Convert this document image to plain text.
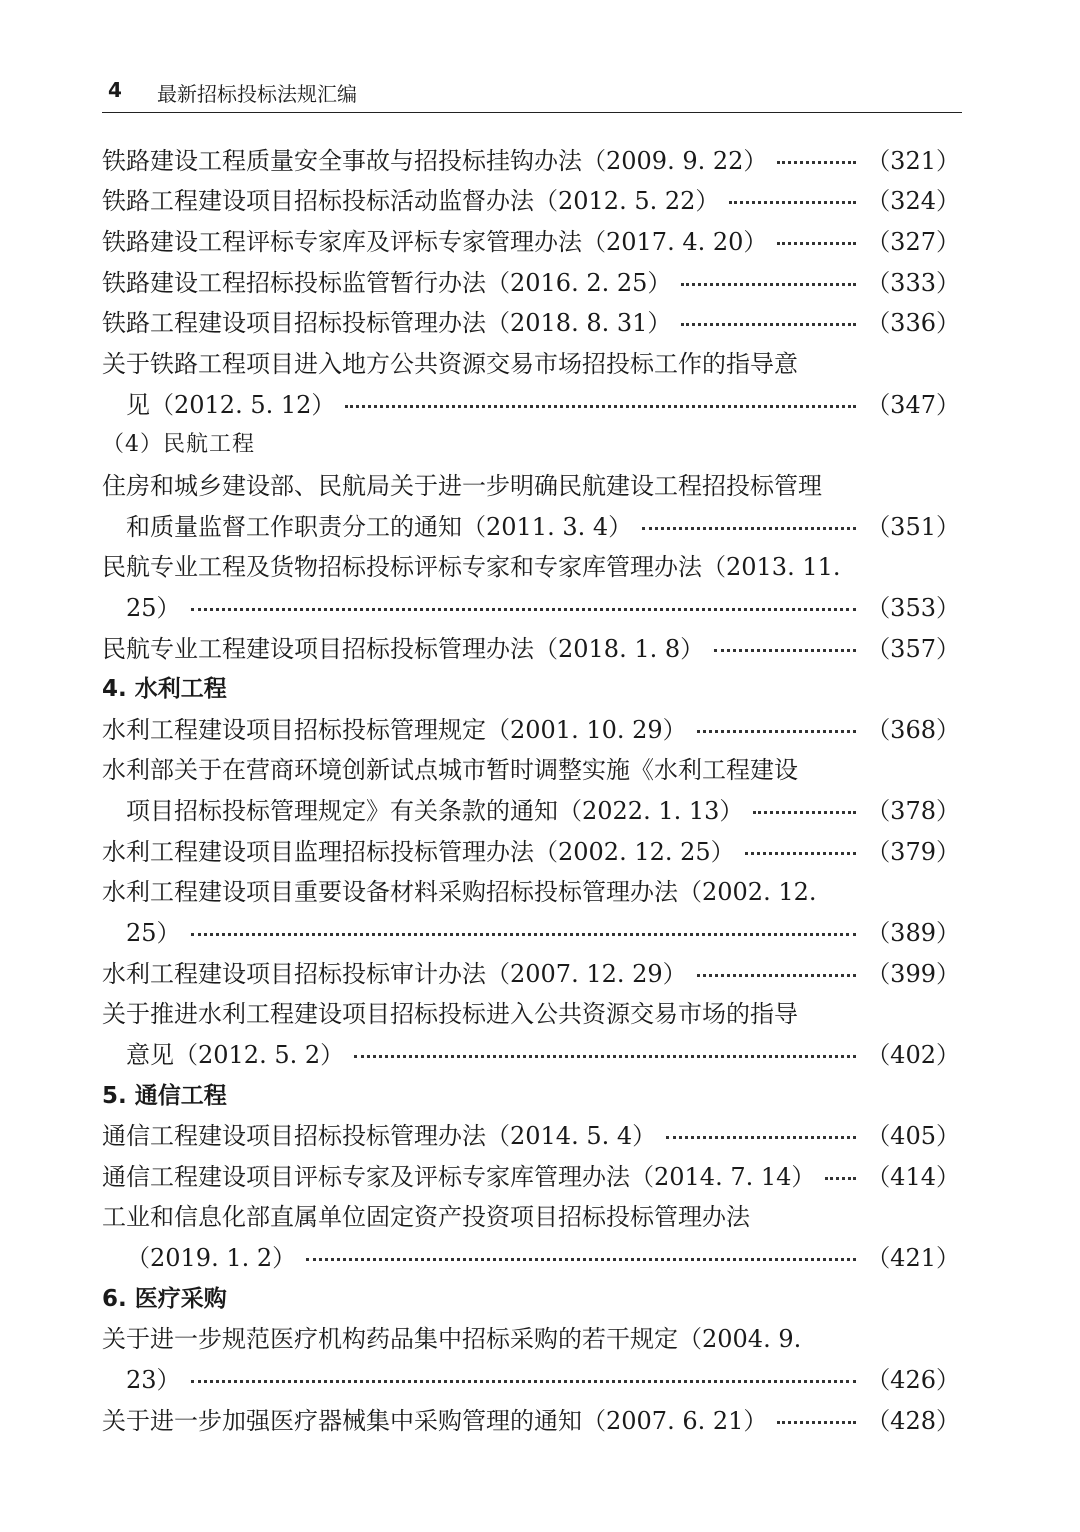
4 最新招标投标法规汇编
铁路建设工程质量安全事故与招投标挂钩办法（2009. 9. 22）	（321）
铁路工程建设项目招标投标活动监督办法（2012. 5. 22）	（324）
铁路建设工程评标专家库及评标专家管理办法（2017. 4. 20）	（327）
铁路建设工程招标投标监管暂行办法（2016. 2. 25）	（333）
铁路工程建设项目招标投标管理办法（2018. 8. 31）	（336）
关于铁路工程项目进入地方公共资源交易市场招投标工作的指导意
见（2012. 5. 12）	（347）
（4）民航工程
住房和城乡建设部、民航局关于进一步明确民航建设工程招投标管理
和质量监督工作职责分工的通知（2011. 3. 4）	（351）
民航专业工程及货物招标投标评标专家和专家库管理办法（2013. 11.
25）	（353）
民航专业工程建设项目招标投标管理办法（2018. 1. 8）	（357）
4. 水利工程
水利工程建设项目招标投标管理规定（2001. 10. 29）	（368）
水利部关于在营商环境创新试点城市暂时调整实施《水利工程建设
项目招标投标管理规定》有关条款的通知（2022. 1. 13）	（378）
水利工程建设项目监理招标投标管理办法（2002. 12. 25）	（379）
水利工程建设项目重要设备材料采购招标投标管理办法（2002. 12.
25）	（389）
水利工程建设项目招标投标审计办法（2007. 12. 29）	（399）
关于推进水利工程建设项目招标投标进入公共资源交易市场的指导
意见（2012. 5. 2）	（402）
5. 通信工程
通信工程建设项目招标投标管理办法（2014. 5. 4）	（405）
通信工程建设项目评标专家及评标专家库管理办法（2014. 7. 14） （414）
工业和信息化部直属单位固定资产投资项目招标投标管理办法
（2019. 1. 2）	（421）
6. 医疗采购
关于进一步规范医疗机构药品集中招标采购的若干规定（2004. 9.
23）	（426）
关于进一步加强医疗器械集中采购管理的通知（2007. 6. 21）	（428）
